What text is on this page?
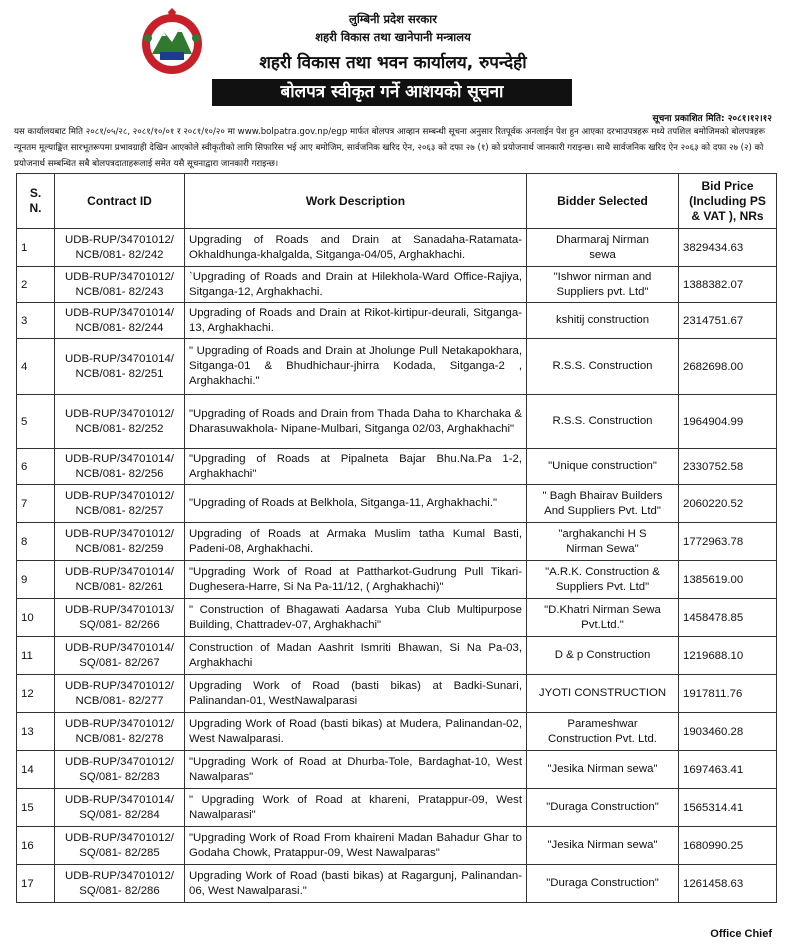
लुम्बिनी प्रदेश सरकार
शहरी विकास तथा खानेपानी मन्त्रालय
शहरी विकास तथा भवन कार्यालय, रुपन्देही
बोलपत्र स्वीकृत गर्ने आशयको सूचना
सूचना प्रकाशित मिति: २०८१।१२।१२
यस कार्यालयबाट मिति २०८१/०५/२८, २०८१/१०/०१ र २०८१/१०/२० मा www.bolpatra.gov.np/egp मार्फत बोलपत्र आव्हान सम्बन्धी सूचना अनुसार रितपूर्वक अनलाईन पेश हुन आएका दरभाउपत्रहरू मध्ये तपशिल बमोजिमको बोलपत्रहरू न्यूनतम मूल्याङ्कित सारभूतरूपमा प्रभावग्राही देखिन आएकोले स्वीकृतीको लागि सिफारिस भई आए बमोजिम, सार्वजनिक खरिद ऐन, २०६३ को दफा २७ (१) को प्रयोजनार्थ जानकारी गराइन्छ। साथै सार्वजनिक खरिद ऐन २०६३ को दफा २७ (२) को प्रयोजनार्थ सम्बन्धित सबै बोलपत्रदाताहरूलाई समेत यसै सूचनाद्वारा जानकारी गराइन्छ।
S.
N.	Contract ID	Work Description	Bidder Selected	Bid Price
(Including PS
& VAT ), NRs
1	UDB-RUP/34701012/
NCB/081- 82/242	Upgrading of Roads and Drain at Sanadaha-Ratamata-Okhaldhunga-khalgalda, Sitganga-04/05, Arghakhachi.	Dharmaraj Nirman
sewa	3829434.63
2	UDB-RUP/34701012/
NCB/081- 82/243	`Upgrading of Roads and Drain at Hilekhola-Ward Office-Rajiya, Sitganga-12, Arghakhachi.	"Ishwor nirman and
Suppliers pvt. Ltd"	1388382.07
3	UDB-RUP/34701014/
NCB/081- 82/244	Upgrading of Roads and Drain at Rikot-kirtipur-deurali, Sitganga-13, Arghakhachi.	kshitij construction	2314751.67
4	UDB-RUP/34701014/
NCB/081- 82/251	" Upgrading of Roads and Drain at Jholunge Pull Netakapokhara, Sitganga-01 & Bhudhichaur-jhirra Kodada, Sitganga-2 , Arghakhachi."	R.S.S. Construction	2682698.00
5	UDB-RUP/34701012/
NCB/081- 82/252	"Upgrading of Roads and Drain from Thada Daha to Kharchaka & Dharasuwakhola- Nipane-Mulbari, Sitganga 02/03, Arghakhachi"	R.S.S. Construction	1964904.99
6	UDB-RUP/34701014/
NCB/081- 82/256	"Upgrading of Roads at Pipalneta Bajar Bhu.Na.Pa 1-2, Arghakhachi"	"Unique construction"	2330752.58
7	UDB-RUP/34701012/
NCB/081- 82/257	"Upgrading of Roads at Belkhola, Sitganga-11, Arghakhachi."	" Bagh Bhairav Builders
And Suppliers Pvt. Ltd"	2060220.52
8	UDB-RUP/34701012/
NCB/081- 82/259	Upgrading of Roads at Armaka Muslim tatha Kumal Basti, Padeni-08, Arghakhachi.	"arghakanchi H S
Nirman Sewa"	1772963.78
9	UDB-RUP/34701014/
NCB/081- 82/261	"Upgrading Work of Road at Pattharkot-Gudrung Pull Tikari-Dughesera-Harre, Si Na Pa-11/12, ( Arghakhachi)"	"A.R.K. Construction &
Suppliers Pvt. Ltd"	1385619.00
10	UDB-RUP/34701013/
SQ/081- 82/266	" Construction of Bhagawati Aadarsa Yuba Club Multipurpose Building, Chattradev-07, Arghakhachi"	"D.Khatri Nirman Sewa
Pvt.Ltd."	1458478.85
11	UDB-RUP/34701014/
SQ/081- 82/267	Construction of Madan Aashrit Ismriti Bhawan, Si Na Pa-03, Arghakhachi	D & p Construction	1219688.10
12	UDB-RUP/34701012/
NCB/081- 82/277	Upgrading Work of Road (basti bikas) at Badki-Sunari, Palinandan-01, WestNawalparasi	JYOTI CONSTRUCTION	1917811.76
13	UDB-RUP/34701012/
NCB/081- 82/278	Upgrading Work of Road (basti bikas) at Mudera, Palinandan-02, West Nawalparasi.	Parameshwar
Construction Pvt. Ltd.	1903460.28
14	UDB-RUP/34701012/
SQ/081- 82/283	"Upgrading Work of Road at Dhurba-Tole, Bardaghat-10, West Nawalparas"	"Jesika Nirman sewa"	1697463.41
15	UDB-RUP/34701014/
SQ/081- 82/284	" Upgrading Work of Road at khareni, Pratappur-09, West Nawalparasi"	"Duraga Construction"	1565314.41
16	UDB-RUP/34701012/
SQ/081- 82/285	"Upgrading Work of Road From khaireni Madan Bahadur Ghar to Godaha Chowk, Pratappur-09, West Nawalparas"	"Jesika Nirman sewa"	1680990.25
17	UDB-RUP/34701012/
SQ/081- 82/286	Upgrading Work of Road (basti bikas) at Ragargunj, Palinandan-06, West Nawalparasi."	"Duraga Construction"	1261458.63
Office Chief
